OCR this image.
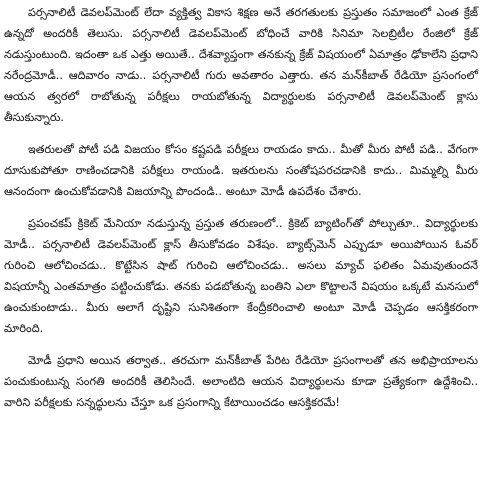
పర్సనాలిటీ డెవలప్‌మెంట్ లేదా వ్యక్తిత్వ వికాస శిక్షణ అనే తరగతులకు ప్రస్తుతం సమాజంలో ఎంత క్రేజ్ ఉన్నదో అందరికీ తెలుసు. పర్సనాలిటీ డెవలప్‌మెంట్ బోధించే వారికి సినిమా సెలబ్రిటీల రేంజిలో క్రేజ్ నడుస్తుంటుంది. ఇదంతా ఒక ఎత్తు అయితే.. దేశవ్యాప్తంగా తనకున్న క్రేజ్ విషయంలో ఏమాత్రం ఢోకాలేని ప్రధాని నరేంద్రమోడీ.. ఆదివారం నాడు.. పర్సనాలిటీ గురు అవతారం ఎత్తారు. తన మన్‌కీబాత్ రేడియో ప్రసంగంలో ఆయన త్వరలో రాబోతున్న పరీక్షలు రాయబోతున్న విద్యార్థులకు పర్సనాలిటీ డెవలప్‌మెంట్ క్లాసు తీసుకున్నారు.

ఇతరులతో పోటీ పడి విజయం కోసం కష్టపడి పరీక్షలు రాయడం కాదు.. మీతో మీరు పోటీ పడి.. వేగంగా దూసుకుపోతూ రాణించడానికి పరీక్షలు రాయండి. ఇతరులను సంతోషపరచడానికి కాదు.. మిమ్మల్ని మీరు ఆనందంగా ఉంచుకోవడానికి విజయాన్ని పొందండి.. అంటూ మోడీ ఉపదేశం చేశారు.

ప్రపంచకప్ క్రికెట్ మేనియా నడుస్తున్న ప్రస్తుత తరుణంలో.. క్రికెట్ బ్యాటింగ్‌తో పోల్చుతూ.. విద్యార్థులకు మోడీ.. పర్సనాలిటీ డెవలప్‌మెంట్ క్లాస్ తీసుకోవడం విశేషం. బ్యాట్స్‌మెన్ ఎప్పుడూ అయిపోయిన ఓవర్ గురించి ఆలోచించడు.. కొట్టేసిన షాట్ గురించి ఆలోచించడు.. అసలు మ్యాచ్ ఫలితం ఏమవుతుందనే విషయాన్నీ ఎంతమాత్రం పట్టించుకోడు. తనకు పడబోతున్న బంతిని ఎలా కొట్టాలనే విషయం ఒక్కటే మనసులో ఉంచుకుంటాడు.. మీరు అలాగే దృష్టిని సునిశితంగా కేంద్రీకరించాలి అంటూ మోడీ చెప్పడం ఆసక్తికరంగా మారింది.

మోడీ ప్రధాని అయిన తర్వాత.. తరచుగా మన్‌కీబాత్ పేరిట రేడియో ప్రసంగాలతో తన అభిప్రాయాలను పంచుకుంటున్న సంగతి అందరికీ తెలిసిందే. అలాంటిది ఆయన విద్యార్థులను కూడా ప్రత్యేకంగా ఉద్దేశించి.. వారిని పరీక్షలకు సన్నద్ధులను చేస్తూ ఒక ప్రసంగాన్ని కేటాయించడం ఆసక్తికరమే!
